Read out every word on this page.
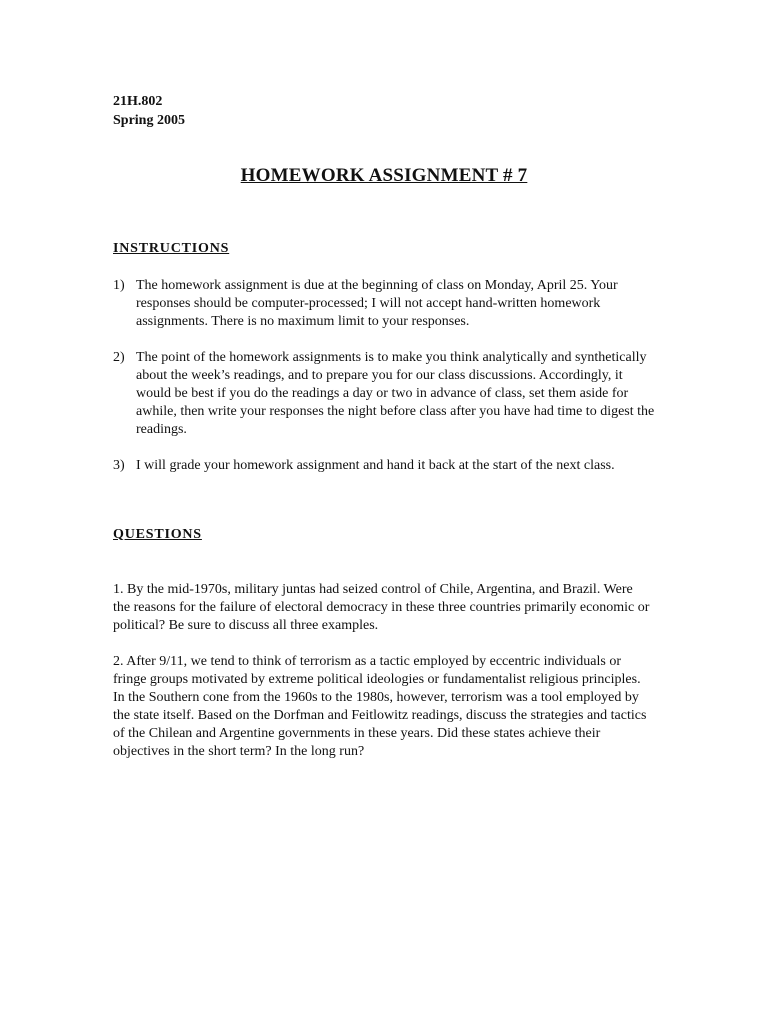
21H.802
Spring 2005
HOMEWORK ASSIGNMENT # 7
INSTRUCTIONS
1) The homework assignment is due at the beginning of class on Monday, April 25. Your responses should be computer-processed; I will not accept hand-written homework assignments. There is no maximum limit to your responses.
2) The point of the homework assignments is to make you think analytically and synthetically about the week’s readings, and to prepare you for our class discussions. Accordingly, it would be best if you do the readings a day or two in advance of class, set them aside for awhile, then write your responses the night before class after you have had time to digest the readings.
3) I will grade your homework assignment and hand it back at the start of the next class.
QUESTIONS
1. By the mid-1970s, military juntas had seized control of Chile, Argentina, and Brazil. Were the reasons for the failure of electoral democracy in these three countries primarily economic or political? Be sure to discuss all three examples.
2. After 9/11, we tend to think of terrorism as a tactic employed by eccentric individuals or fringe groups motivated by extreme political ideologies or fundamentalist religious principles. In the Southern cone from the 1960s to the 1980s, however, terrorism was a tool employed by the state itself. Based on the Dorfman and Feitlowitz readings, discuss the strategies and tactics of the Chilean and Argentine governments in these years. Did these states achieve their objectives in the short term? In the long run?
